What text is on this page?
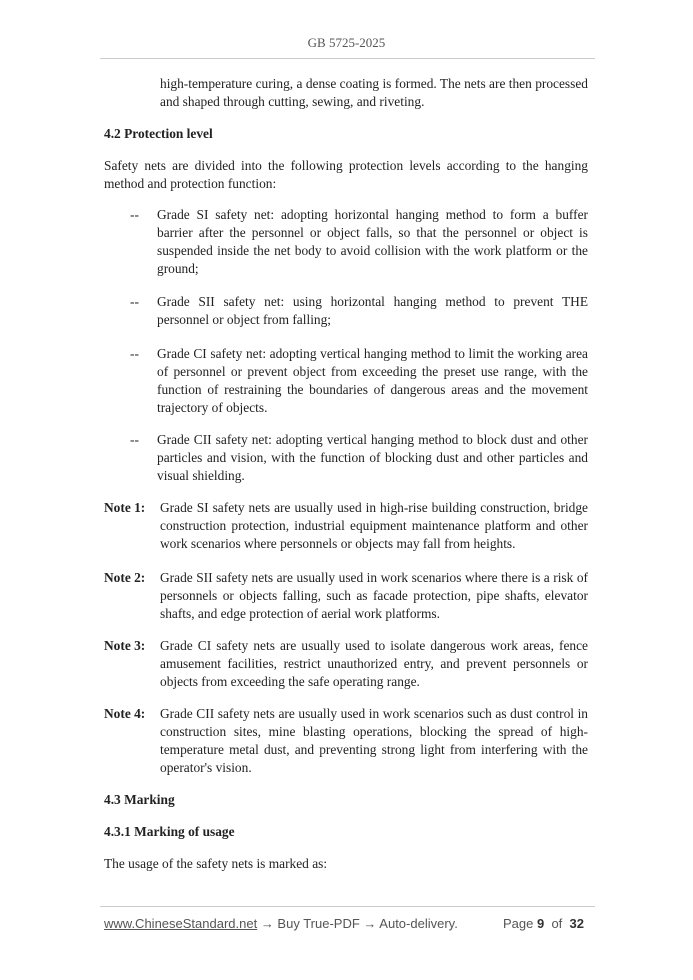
GB 5725-2025
high-temperature curing, a dense coating is formed. The nets are then processed and shaped through cutting, sewing, and riveting.
4.2 Protection level
Safety nets are divided into the following protection levels according to the hanging method and protection function:
-- Grade SI safety net: adopting horizontal hanging method to form a buffer barrier after the personnel or object falls, so that the personnel or object is suspended inside the net body to avoid collision with the work platform or the ground;
-- Grade SII safety net: using horizontal hanging method to prevent THE personnel or object from falling;
-- Grade CI safety net: adopting vertical hanging method to limit the working area of personnel or prevent object from exceeding the preset use range, with the function of restraining the boundaries of dangerous areas and the movement trajectory of objects.
-- Grade CII safety net: adopting vertical hanging method to block dust and other particles and vision, with the function of blocking dust and other particles and visual shielding.
Note 1: Grade SI safety nets are usually used in high-rise building construction, bridge construction protection, industrial equipment maintenance platform and other work scenarios where personnels or objects may fall from heights.
Note 2: Grade SII safety nets are usually used in work scenarios where there is a risk of personnels or objects falling, such as facade protection, pipe shafts, elevator shafts, and edge protection of aerial work platforms.
Note 3: Grade CI safety nets are usually used to isolate dangerous work areas, fence amusement facilities, restrict unauthorized entry, and prevent personnels or objects from exceeding the safe operating range.
Note 4: Grade CII safety nets are usually used in work scenarios such as dust control in construction sites, mine blasting operations, blocking the spread of high-temperature metal dust, and preventing strong light from interfering with the operator's vision.
4.3 Marking
4.3.1 Marking of usage
The usage of the safety nets is marked as:
www.ChineseStandard.net → Buy True-PDF → Auto-delivery.	Page 9 of 32
